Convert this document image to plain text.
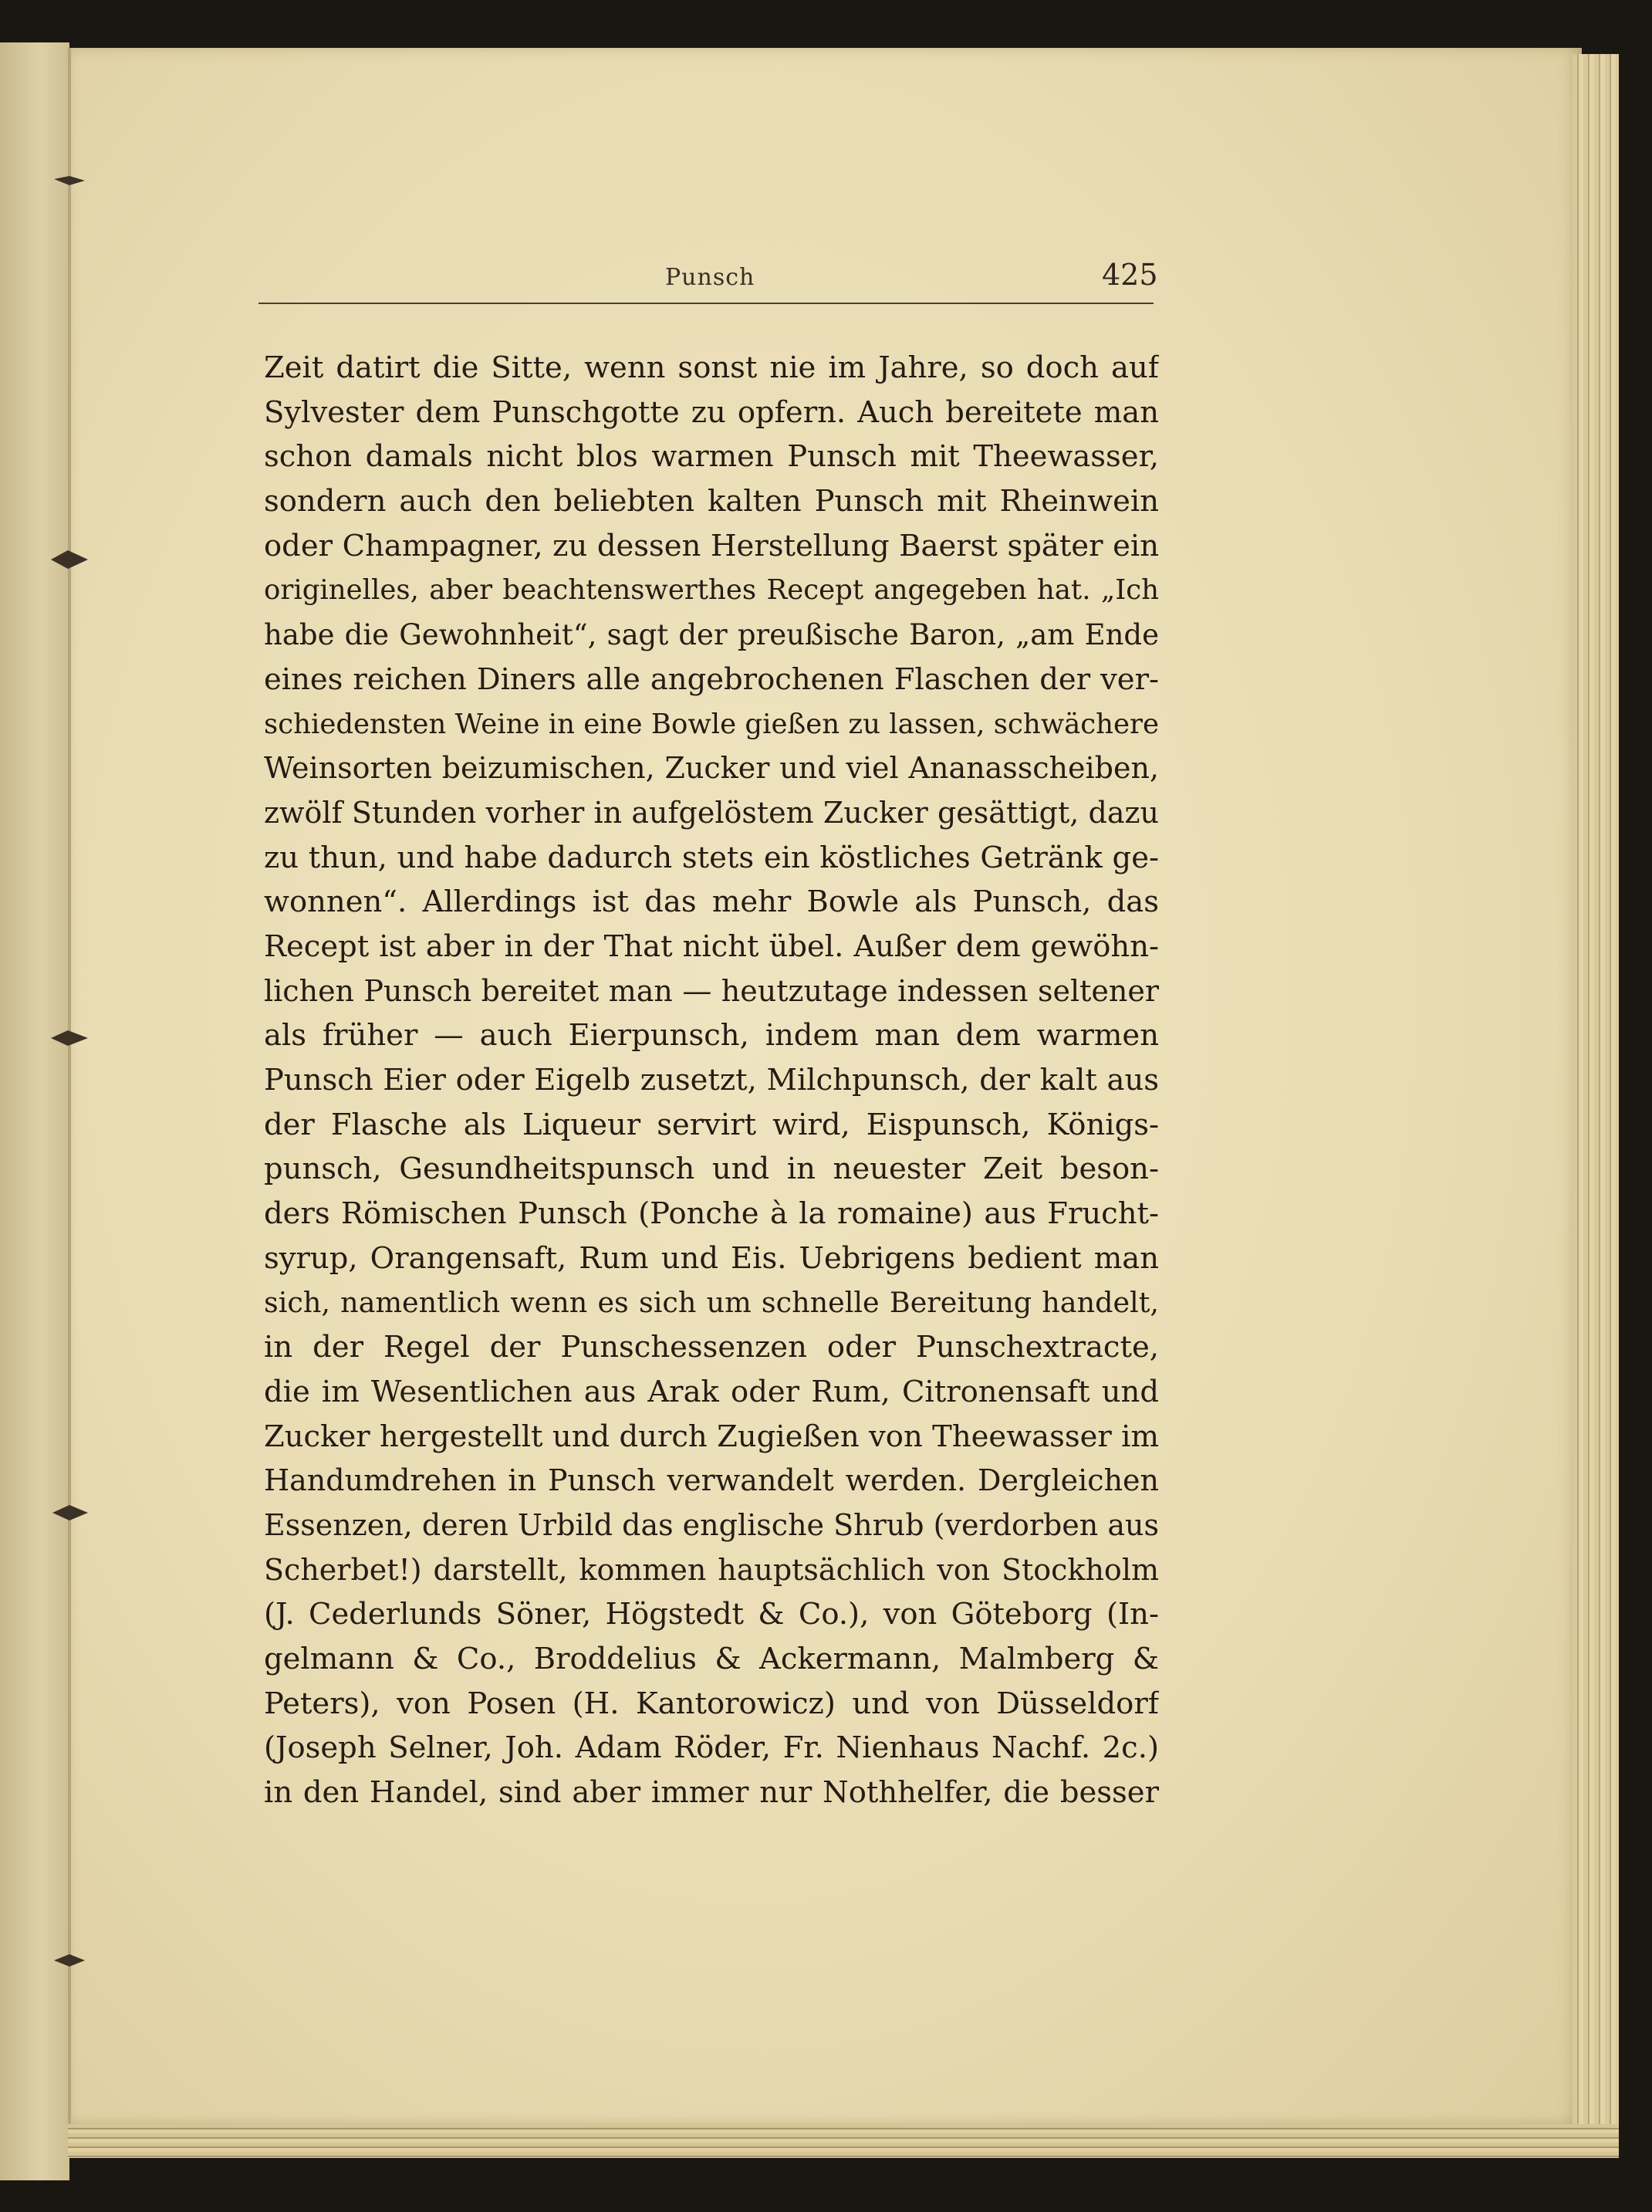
Punsch	425
Zeit datirt die Sitte, wenn sonst nie im Jahre, so doch auf
Sylvester dem Punschgotte zu opfern. Auch bereitete man
schon damals nicht blos warmen Punsch mit Theewasser,
sondern auch den beliebten kalten Punsch mit Rheinwein
oder Champagner, zu dessen Herstellung Baerst später ein
originelles, aber beachtenswerthes Recept angegeben hat. „Ich
habe die Gewohnheit“, sagt der preußische Baron, „am Ende
eines reichen Diners alle angebrochenen Flaschen der ver-
schiedensten Weine in eine Bowle gießen zu lassen, schwächere
Weinsorten beizumischen, Zucker und viel Ananasscheiben,
zwölf Stunden vorher in aufgelöstem Zucker gesättigt, dazu
zu thun, und habe dadurch stets ein köstliches Getränk ge-
wonnen“. Allerdings ist das mehr Bowle als Punsch, das
Recept ist aber in der That nicht übel. Außer dem gewöhn-
lichen Punsch bereitet man — heutzutage indessen seltener
als früher — auch Eierpunsch, indem man dem warmen
Punsch Eier oder Eigelb zusetzt, Milchpunsch, der kalt aus
der Flasche als Liqueur servirt wird, Eispunsch, Königs-
punsch, Gesundheitspunsch und in neuester Zeit beson-
ders Römischen Punsch (Ponche à la romaine) aus Frucht-
syrup, Orangensaft, Rum und Eis. Uebrigens bedient man
sich, namentlich wenn es sich um schnelle Bereitung handelt,
in der Regel der Punschessenzen oder Punschextracte,
die im Wesentlichen aus Arak oder Rum, Citronensaft und
Zucker hergestellt und durch Zugießen von Theewasser im
Handumdrehen in Punsch verwandelt werden. Dergleichen
Essenzen, deren Urbild das englische Shrub (verdorben aus
Scherbet!) darstellt, kommen hauptsächlich von Stockholm
(J. Cederlunds Söner, Högstedt & Co.), von Göteborg (In-
gelmann & Co., Broddelius & Ackermann, Malmberg &
Peters), von Posen (H. Kantorowicz) und von Düsseldorf
(Joseph Selner, Joh. Adam Röder, Fr. Nienhaus Nachf. 2c.)
in den Handel, sind aber immer nur Nothhelfer, die besser
